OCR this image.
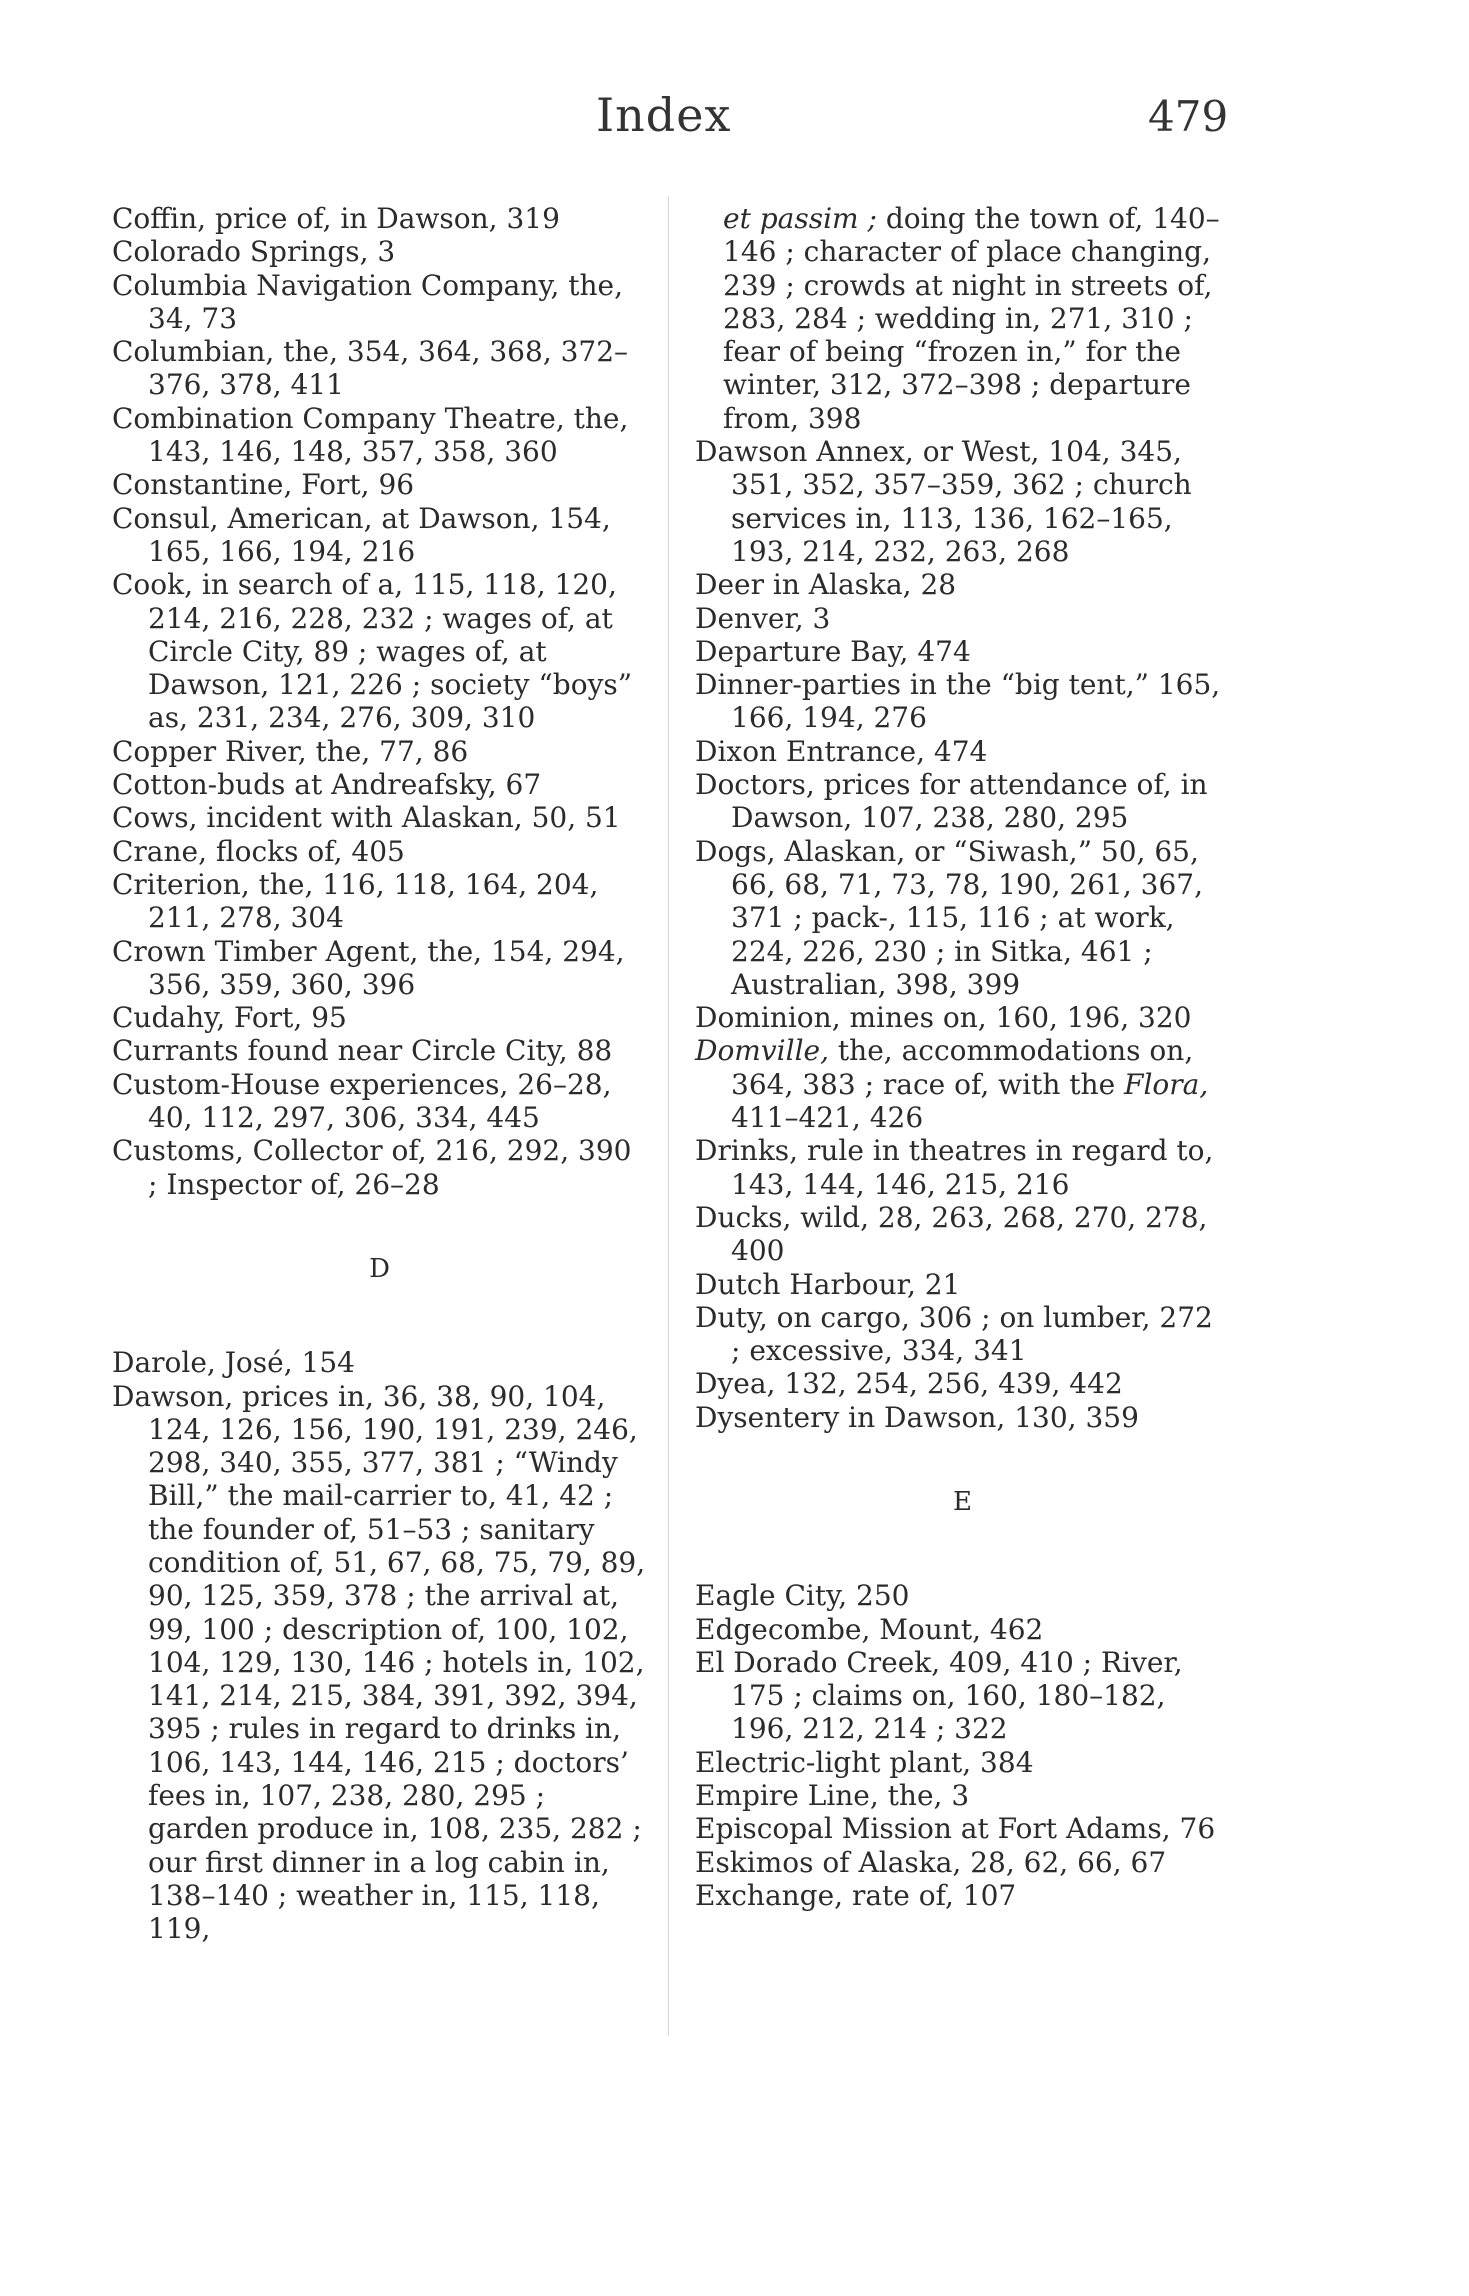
Index	479

Coffin, price of, in Dawson, 319

Colorado Springs, 3

Columbia Navigation Company, the, 34, 73

Columbian, the, 354, 364, 368, 372–376, 378, 411

Combination Company Theatre, the, 143, 146, 148, 357, 358, 360

Constantine, Fort, 96

Consul, American, at Dawson, 154, 165, 166, 194, 216

Cook, in search of a, 115, 118, 120, 214, 216, 228, 232 ; wages of, at Circle City, 89 ; wages of, at Dawson, 121, 226 ; society “boys” as, 231, 234, 276, 309, 310

Copper River, the, 77, 86

Cotton-buds at Andreafsky, 67

Cows, incident with Alaskan, 50, 51

Crane, flocks of, 405

Criterion, the, 116, 118, 164, 204, 211, 278, 304

Crown Timber Agent, the, 154, 294, 356, 359, 360, 396

Cudahy, Fort, 95

Currants found near Circle City, 88

Custom-House experiences, 26–28, 40, 112, 297, 306, 334, 445

Customs, Collector of, 216, 292, 390 ; Inspector of, 26–28

D

Darole, José, 154

Dawson, prices in, 36, 38, 90, 104, 124, 126, 156, 190, 191, 239, 246, 298, 340, 355, 377, 381 ; “Windy Bill,” the mail-carrier to, 41, 42 ; the founder of, 51–53 ; sanitary condition of, 51, 67, 68, 75, 79, 89, 90, 125, 359, 378 ; the arrival at, 99, 100 ; description of, 100, 102, 104, 129, 130, 146 ; hotels in, 102, 141, 214, 215, 384, 391, 392, 394, 395 ; rules in regard to drinks in, 106, 143, 144, 146, 215 ; doctors’ fees in, 107, 238, 280, 295 ; garden produce in, 108, 235, 282 ; our first dinner in a log cabin in, 138–140 ; weather in, 115, 118, 119,

et passim ; doing the town of, 140–146 ; character of place changing, 239 ; crowds at night in streets of, 283, 284 ; wedding in, 271, 310 ; fear of being “frozen in,” for the winter, 312, 372–398 ; departure from, 398

Dawson Annex, or West, 104, 345, 351, 352, 357–359, 362 ; church services in, 113, 136, 162–165, 193, 214, 232, 263, 268

Deer in Alaska, 28

Denver, 3

Departure Bay, 474

Dinner-parties in the “big tent,” 165, 166, 194, 276

Dixon Entrance, 474

Doctors, prices for attendance of, in Dawson, 107, 238, 280, 295

Dogs, Alaskan, or “Siwash,” 50, 65, 66, 68, 71, 73, 78, 190, 261, 367, 371 ; pack-, 115, 116 ; at work, 224, 226, 230 ; in Sitka, 461 ; Australian, 398, 399

Dominion, mines on, 160, 196, 320

Domville, the, accommodations on, 364, 383 ; race of, with the Flora, 411–421, 426

Drinks, rule in theatres in regard to, 143, 144, 146, 215, 216

Ducks, wild, 28, 263, 268, 270, 278, 400

Dutch Harbour, 21

Duty, on cargo, 306 ; on lumber, 272 ; excessive, 334, 341

Dyea, 132, 254, 256, 439, 442

Dysentery in Dawson, 130, 359

E

Eagle City, 250

Edgecombe, Mount, 462

El Dorado Creek, 409, 410 ; River, 175 ; claims on, 160, 180–182, 196, 212, 214 ; 322

Electric-light plant, 384

Empire Line, the, 3

Episcopal Mission at Fort Adams, 76

Eskimos of Alaska, 28, 62, 66, 67

Exchange, rate of, 107
